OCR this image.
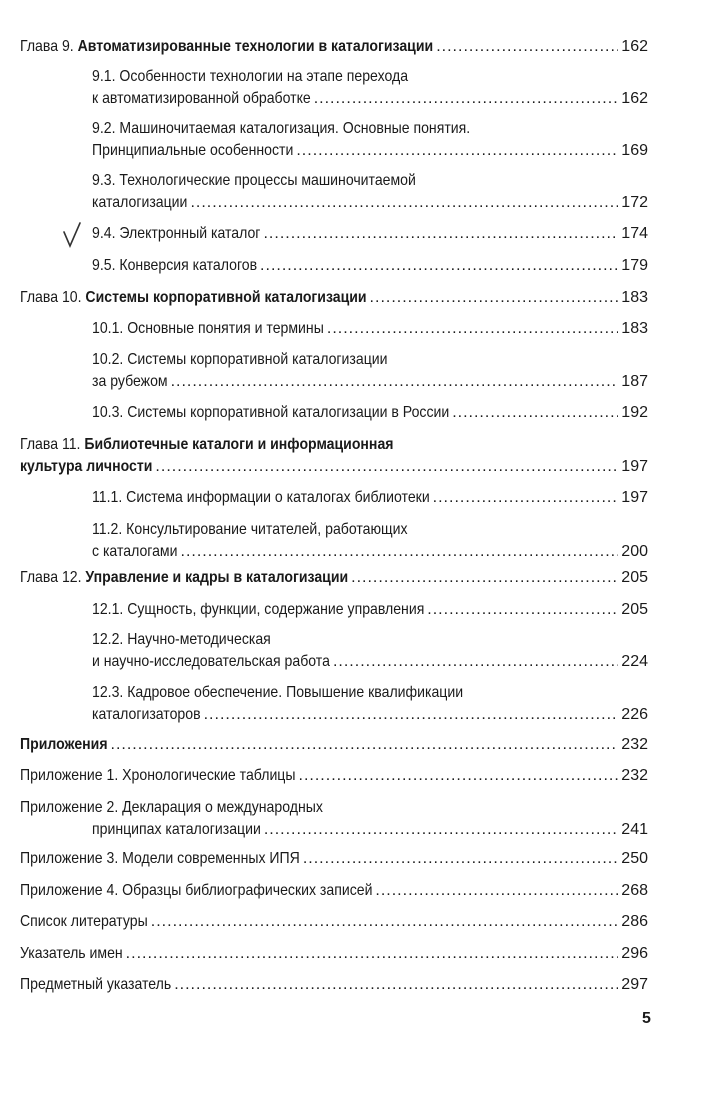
Глава 9. Автоматизированные технологии в каталогизации .....	162
9.1. Особенности технологии на этапе перехода
к автоматизированной обработке .....	162
9.2. Машиночитаемая каталогизация. Основные понятия.
Принципиальные особенности .....	169
9.3. Технологические процессы машиночитаемой
каталогизации .....	172
9.4. Электронный каталог .....	174
9.5. Конверсия каталогов .....	179
Глава 10. Системы корпоративной каталогизации .....	183
10.1. Основные понятия и термины .....	183
10.2. Системы корпоративной каталогизации
за рубежом .....	187
10.3. Системы корпоративной каталогизации в России .....	192
Глава 11. Библиотечные каталоги и информационная
культура личности .....	197
11.1. Система информации о каталогах библиотеки .....	197
11.2. Консультирование читателей, работающих
с каталогами .....	200
Глава 12. Управление и кадры в каталогизации .....	205
12.1. Сущность, функции, содержание управления .....	205
12.2. Научно-методическая
и научно-исследовательская работа .....	224
12.3. Кадровое обеспечение. Повышение квалификации
каталогизаторов .....	226
Приложения .....	232
Приложение 1. Хронологические таблицы .....	232
Приложение 2. Декларация о международных
принципах каталогизации .....	241
Приложение 3. Модели современных ИПЯ .....	250
Приложение 4. Образцы библиографических записей .....	268
Список литературы .....	286
Указатель имен .....	296
Предметный указатель .....	297
5
